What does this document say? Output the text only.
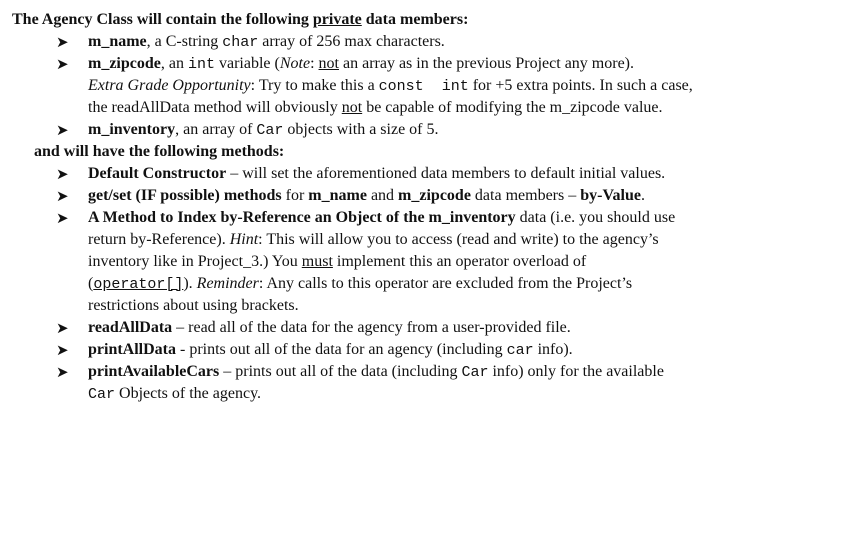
The Agency Class will contain the following private data members:
➤ m_name, a C-string char array of 256 max characters.
➤ m_zipcode, an int variable (Note: not an array as in the previous Project any more).
Extra Grade Opportunity: Try to make this a const int for +5 extra points. In such a case,
the readAllData method will obviously not be capable of modifying the m_zipcode value.
➤ m_inventory, an array of Car objects with a size of 5.
and will have the following methods:
➤ Default Constructor – will set the aforementioned data members to default initial values.
➤ get/set (IF possible) methods for m_name and m_zipcode data members – by-Value.
➤ A Method to Index by-Reference an Object of the m_inventory data (i.e. you should use
return by-Reference). Hint: This will allow you to access (read and write) to the agency’s
inventory like in Project_3.) You must implement this an operator overload of
(operator[]). Reminder: Any calls to this operator are excluded from the Project’s
restrictions about using brackets.
➤ readAllData – read all of the data for the agency from a user-provided file.
➤ printAllData - prints out all of the data for an agency (including car info).
➤ printAvailableCars – prints out all of the data (including Car info) only for the available
Car Objects of the agency.
